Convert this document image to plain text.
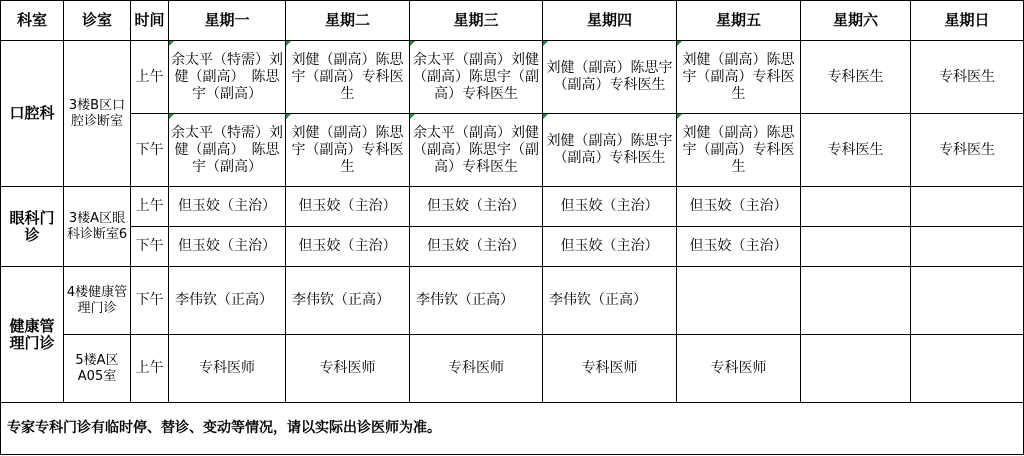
科室	诊室	时间	星期一	星期二	星期三	星期四	星期五	星期六	星期日
口腔科	3楼B区口腔诊断室	上午	余太平（特需）刘健（副高）　陈思宇（副高）	刘健（副高）陈思宇（副高）专科医生	余太平（副高）刘健（副高）陈思宇（副高）专科医生	刘健（副高）陈思宇（副高）专科医生	刘健（副高）陈思宇（副高）专科医生	专科医生	专科医生
		下午	余太平（特需）刘健（副高）　陈思宇（副高）	刘健（副高）陈思宇（副高）专科医生	余太平（副高）刘健（副高）陈思宇（副高）专科医生	刘健（副高）陈思宇（副高）专科医生	刘健（副高）陈思宇（副高）专科医生	专科医生	专科医生
眼科门诊	3楼A区眼科诊断室6	上午	但玉姣（主治）	但玉姣（主治）	但玉姣（主治）	但玉姣（主治）	但玉姣（主治）		
		下午	但玉姣（主治）	但玉姣（主治）	但玉姣（主治）	但玉姣（主治）	但玉姣（主治）		
健康管理门诊	4楼健康管理门诊	下午	李伟钦（正高）	李伟钦（正高）	李伟钦（正高）	李伟钦（正高）			
	5楼A区A05室	上午	专科医师	专科医师	专科医师	专科医师	专科医师		
专家专科门诊有临时停、替诊、变动等情况，请以实际出诊医师为准。									
